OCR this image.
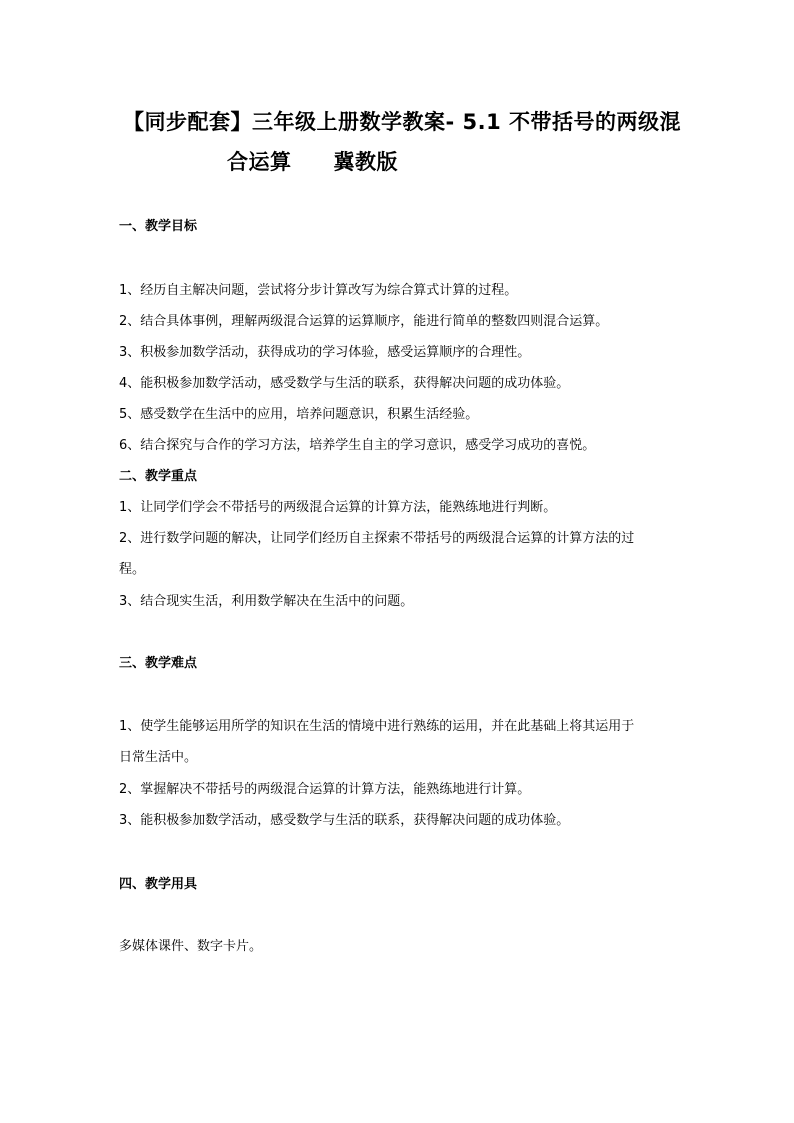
【同步配套】三年级上册数学教案- 5.1 不带括号的两级混
合运算 冀教版
一、教学目标
1、经历自主解决问题，尝试将分步计算改写为综合算式计算的过程。
2、结合具体事例，理解两级混合运算的运算顺序，能进行简单的整数四则混合运算。
3、积极参加数学活动，获得成功的学习体验，感受运算顺序的合理性。
4、能积极参加数学活动，感受数学与生活的联系，获得解决问题的成功体验。
5、感受数学在生活中的应用，培养问题意识，积累生活经验。
6、结合探究与合作的学习方法，培养学生自主的学习意识，感受学习成功的喜悦。
二、教学重点
1、让同学们学会不带括号的两级混合运算的计算方法，能熟练地进行判断。
2、进行数学问题的解决，让同学们经历自主探索不带括号的两级混合运算的计算方法的过
程。
3、结合现实生活，利用数学解决在生活中的问题。
三、教学难点
1、使学生能够运用所学的知识在生活的情境中进行熟练的运用，并在此基础上将其运用于
日常生活中。
2、掌握解决不带括号的两级混合运算的计算方法，能熟练地进行计算。
3、能积极参加数学活动，感受数学与生活的联系，获得解决问题的成功体验。
四、教学用具
多媒体课件、数字卡片。
